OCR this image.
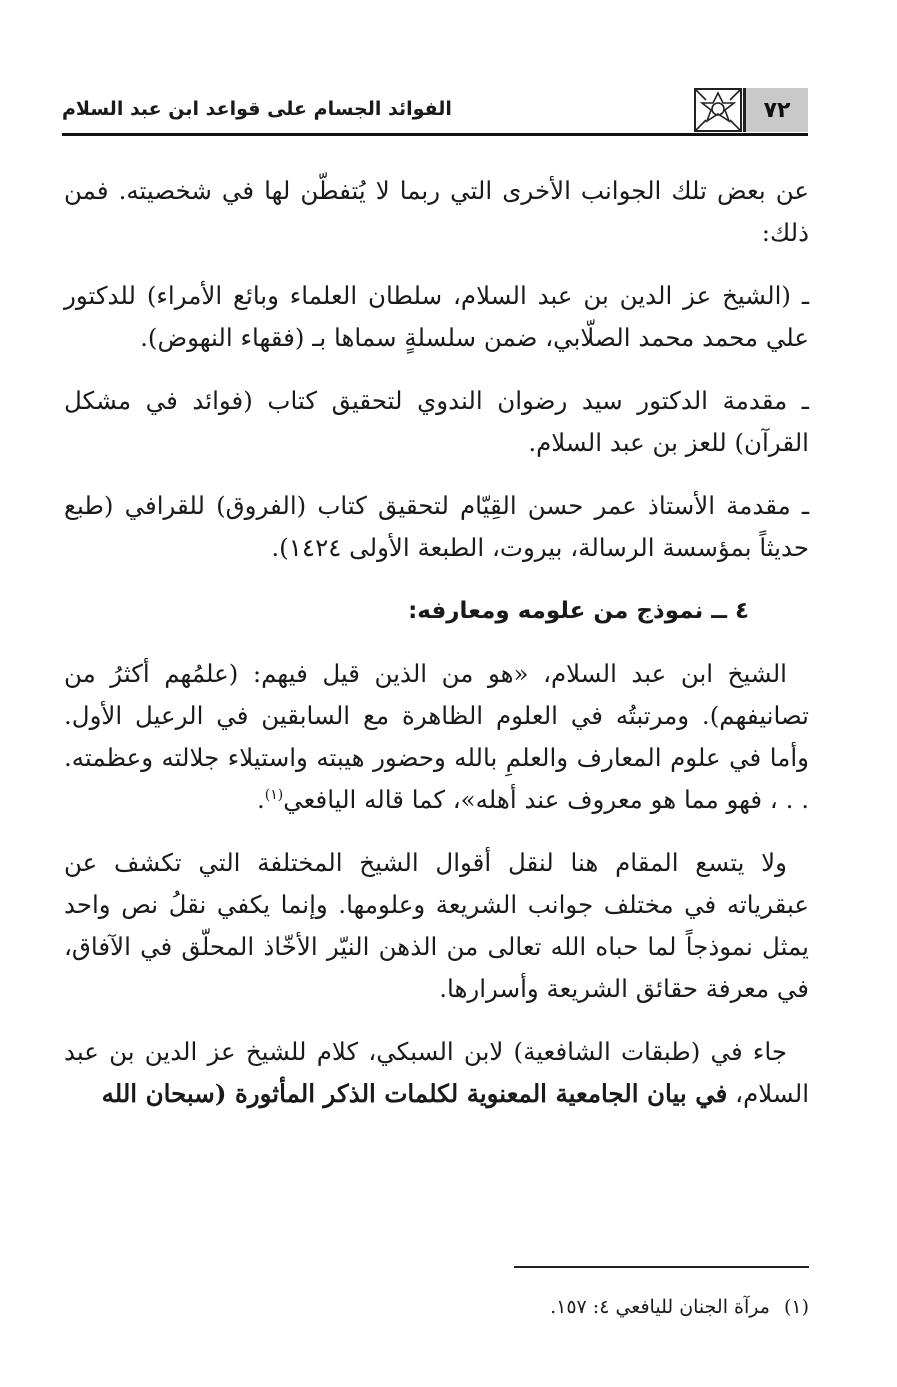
٧٢
الفوائد الجسام على قواعد ابن عبد السلام

عن بعض تلك الجوانب الأخرى التي ربما لا يُتفطّن لها في شخصيته. فمن ذلك:

ـ (الشيخ عز الدين بن عبد السلام، سلطان العلماء وبائع الأمراء) للدكتور علي محمد محمد الصلّابي، ضمن سلسلةٍ سماها بـ (فقهاء النهوض).

ـ مقدمة الدكتور سيد رضوان الندوي لتحقيق كتاب (فوائد في مشكل القرآن) للعز بن عبد السلام.

ـ مقدمة الأستاذ عمر حسن القِيّام لتحقيق كتاب (الفروق) للقرافي (طبع حديثاً بمؤسسة الرسالة، بيروت، الطبعة الأولى ١٤٢٤).

٤ ــ نموذج من علومه ومعارفه:

الشيخ ابن عبد السلام، «هو من الذين قيل فيهم: (علمُهم أكثرُ من تصانيفهم). ومرتبتُه في العلوم الظاهرة مع السابقين في الرعيل الأول. وأما في علوم المعارف والعلمِ بالله وحضور هيبته واستيلاء جلالته وعظمته. . . ، فهو مما هو معروف عند أهله»، كما قاله اليافعي$^{(١)}$.

ولا يتسع المقام هنا لنقل أقوال الشيخ المختلفة التي تكشف عن عبقرياته في مختلف جوانب الشريعة وعلومها. وإنما يكفي نقلُ نص واحد يمثل نموذجاً لما حباه الله تعالى من الذهن النيّر الأخّاذ المحلّق في الآفاق، في معرفة حقائق الشريعة وأسرارها.

جاء في (طبقات الشافعية) لابن السبكي، كلام للشيخ عز الدين بن عبد السلام، في بيان الجامعية المعنوية لكلمات الذكر المأثورة (سبحان الله

(١)مرآة الجنان لليافعي ٤: ١٥٧.
